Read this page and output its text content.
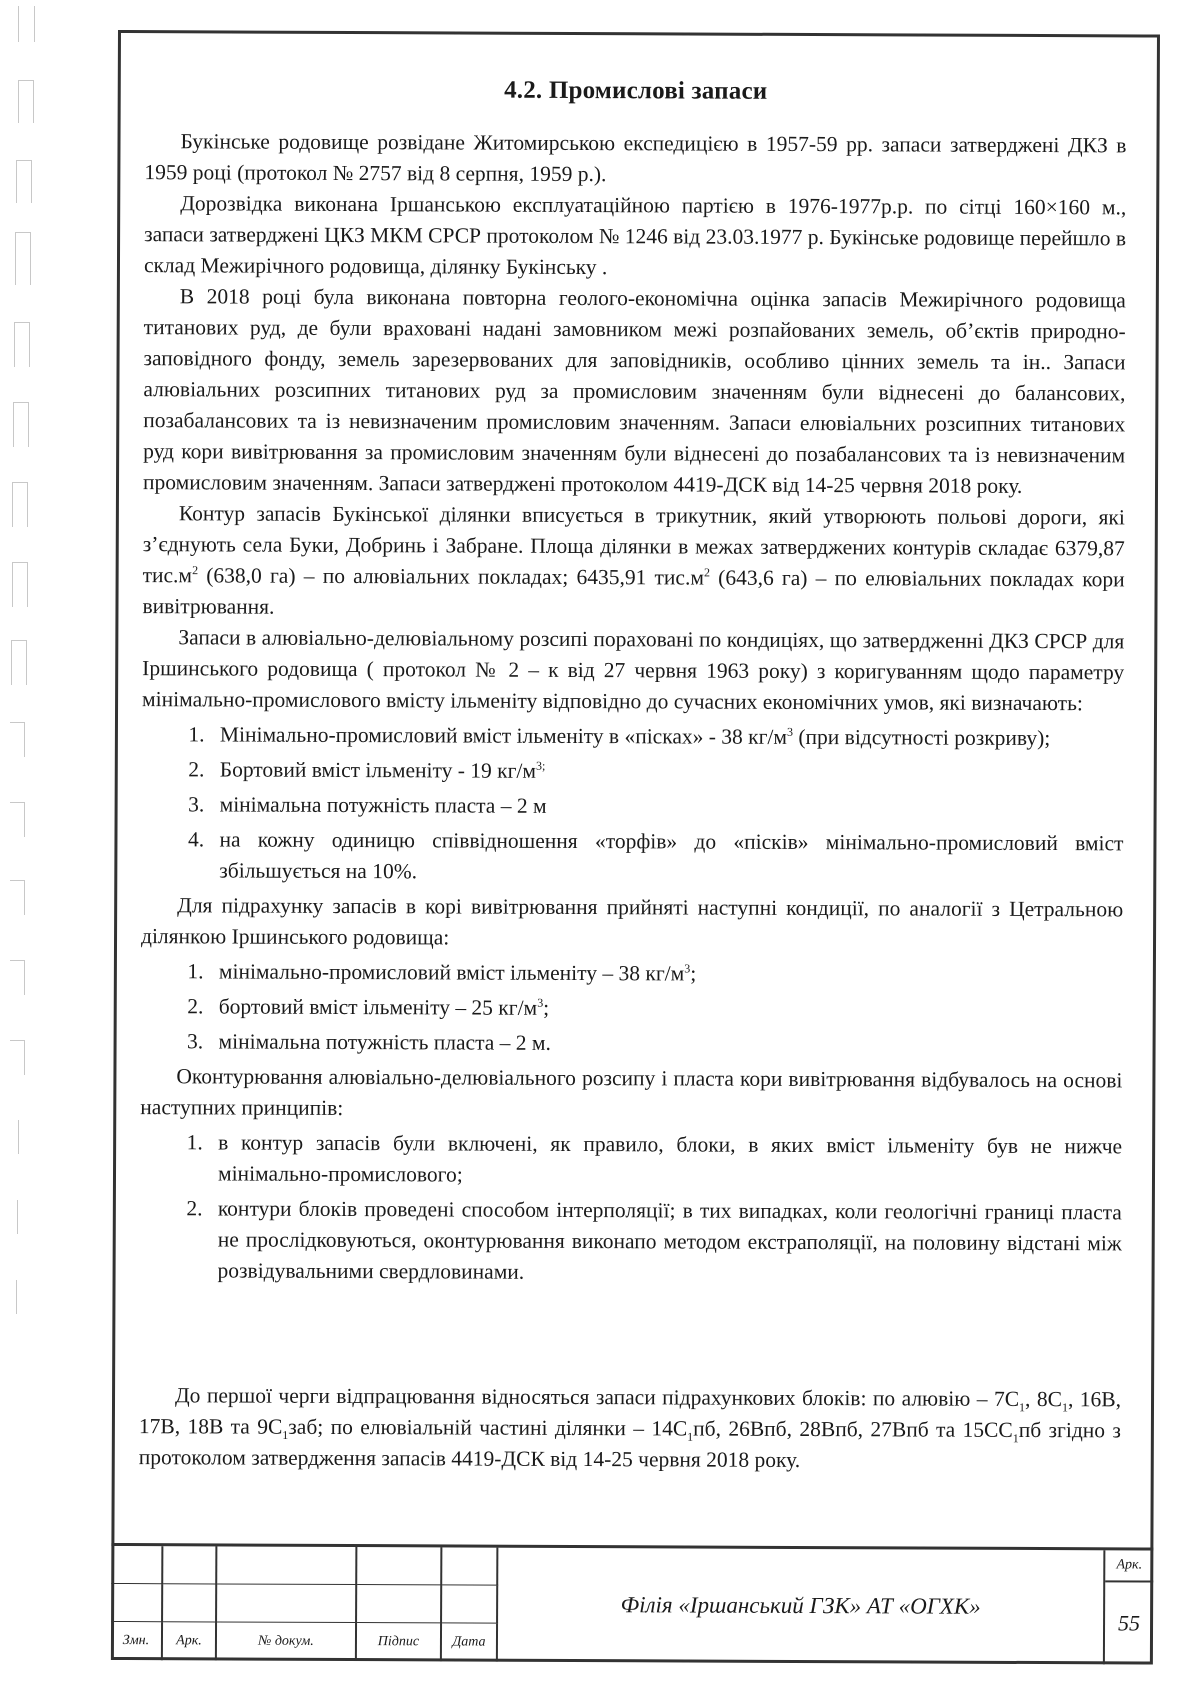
4.2. Промислові запаси

Букінське родовище розвідане Житомирською експедицією в 1957-59 рр. запаси затверджені ДКЗ в 1959 році (протокол № 2757 від 8 серпня, 1959 р.).

Дорозвідка виконана Іршанською експлуатаційною партією в 1976-1977р.р. по сітці 160×160 м., запаси затверджені ЦКЗ МКМ СРСР протоколом № 1246 від 23.03.1977 р. Букінське родовище перейшло в склад Межирічного родовища, ділянку Букінську .

В 2018 році була виконана повторна геолого-економічна оцінка запасів Межирічного родовища титанових руд, де були враховані надані замовником межі розпайованих земель, об’єктів природно-заповідного фонду, земель зарезервованих для заповідників, особливо цінних земель та ін.. Запаси алювіальних розсипних титанових руд за промисловим значенням були віднесені до балансових, позабалансових та із невизначеним промисловим значенням. Запаси елювіальних розсипних титанових руд кори вивітрювання за промисловим значенням були віднесені до позабалансових та із невизначеним промисловим значенням. Запаси затверджені протоколом 4419-ДСК від 14-25 червня 2018 року.

Контур запасів Букінської ділянки вписується в трикутник, який утворюють польові дороги, які з’єднують села Буки, Добринь і Забране. Площа ділянки в межах затверджених контурів складає 6379,87 $тис.м^2$ (638,0 га) – по алювіальних покладах; 6435,91 $тис.м^2$ (643,6 га) – по елювіальних покладах кори вивітрювання.

Запаси в алювіально-делювіальному розсипі пораховані по кондиціях, що затвердженні ДКЗ СРСР для Іршинського родовища ( протокол № 2 – к від 27 червня 1963 року) з коригуванням щодо параметру мінімально-промислового вмісту ільменіту відповідно до сучасних економічних умов, які визначають:

1. Мінімально-промисловий вміст ільменіту в «пісках» - 38 $кг/м^3$ (при відсутності розкриву);
2. Бортовий вміст ільменіту - 19 $кг/м^{3;}$
3. мінімальна потужність пласта – 2 м
4. на кожну одиницю співвідношення «торфів» до «пісків» мінімально-промисловий вміст збільшується на 10%.

Для підрахунку запасів в корі вивітрювання прийняті наступні кондиції, по аналогії з Цетральною ділянкою Іршинського родовища:

1. мінімально-промисловий вміст ільменіту – 38 $кг/м^3$;
2. бортовий вміст ільменіту – 25 $кг/м^3$;
3. мінімальна потужність пласта – 2 м.

Оконтурювання алювіально-делювіального розсипу і пласта кори вивітрювання відбувалось на основі наступних принципів:

1. в контур запасів були включені, як правило, блоки, в яких вміст ільменіту був не нижче мінімально-промислового;
2. контури блоків проведені способом інтерполяції; в тих випадках, коли геологічні границі пласта не прослідковуються, оконтурювання виконапо методом екстраполяції, на половину відстані між розвідувальними свердловинами.

До першої черги відпрацювання відносяться запаси підрахункових блоків: по алювію – $7С_1$, $8С_1$, 16В, 17В, 18В та $9С_1заб$; по елювіальній частині ділянки – $14С_1пб$, 26Впб, 28Впб, 27Впб та $15СС_1пб$ згідно з протоколом затвердження запасів 4419-ДСК від 14-25 червня 2018 року.

Змн.	Арк.	№ докум.	Підпис	Дата
Філія «Іршанський ГЗК» АТ «ОГХК»
Арк.
55
